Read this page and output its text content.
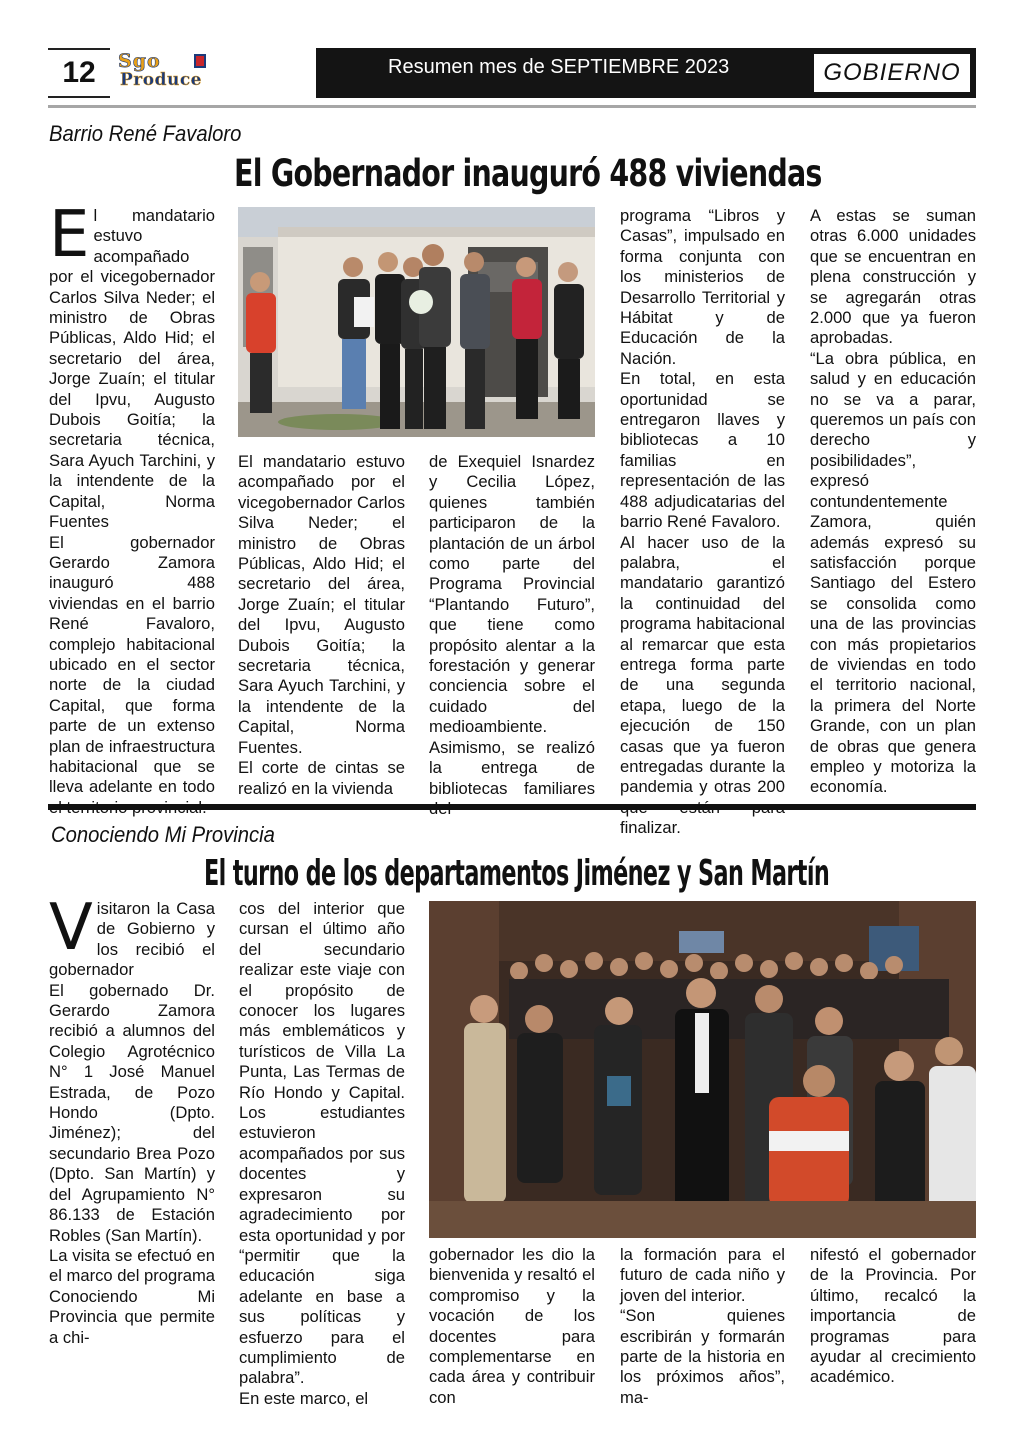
12 Sgo
Produce
Resumen mes de SEPTIEMBRE 2023	GOBIERNO
Barrio René Favaloro
El Gobernador inauguró 488 viviendas
E l mandatario estuvo acompañado por el vicegobernador Carlos Silva Neder; el ministro de Obras Públicas, Aldo Hid; el secretario del área, Jorge Zuaín; el titular del Ipvu, Augusto Dubois Goitía; la secretaria técnica, Sara Ayuch Tarchini, y la intendente de la Capital, Norma Fuentes

El gobernador Gerardo Zamora inauguró 488 viviendas en el barrio René Favaloro, complejo habitacional ubicado en el sector norte de la ciudad Capital, que forma parte de un extenso plan de infraestructura habitacional que se lleva adelante en todo

El mandatario estuvo acompañado por el vicegobernador Carlos Silva Neder; el ministro de Obras Públicas, Aldo Hid; el secretario del área, Jorge Zuaín; el titular del Ipvu, Augusto Dubois Goitía; la secretaria técnica, Sara Ayuch Tarchini, y la intendente de la Capital, Norma Fuentes.

El corte de cintas se realizó en la vivienda

de Exequiel Isnardez y Cecilia López, quienes también participaron de la plantación de un árbol como parte del Programa Provincial “Plantando Futuro”, que tiene como propósito alentar a la forestación y generar conciencia sobre el cuidado del medioambiente.

Asimismo, se realizó la entrega de bibliotecas familiares

programa “Libros y Casas”, impulsado en forma conjunta con los ministerios de Desarrollo Territorial y Hábitat y de Educación de la Nación.

En total, en esta oportunidad se entregaron llaves y bibliotecas a 10 familias en representación de las 488 adjudicatarias del barrio René Favaloro.

Al hacer uso de la palabra, el mandatario garantizó la continuidad del programa habitacional al remarcar que esta entrega forma parte de una segunda etapa, luego de la ejecución de 150 casas que ya fueron entregadas durante la pandemia y otras 200 finalizar.

A estas se suman otras 6.000 unidades que se encuentran en plena construcción y se agregarán otras 2.000 que ya fueron aprobadas.

“La obra pública, en salud y en educación no se va a parar, queremos un país con derecho y posibilidades”, expresó contundentemente Zamora, quién además expresó su satisfacción porque Santiago del Estero se consolida como una de las provincias con más propietarios de viviendas en todo el territorio nacional, la primera del Norte Grande, con un plan de obras que genera empleo y motoriza la economía.

Conociendo Mi Provincia
El turno de los departamentos Jiménez y San Martín
V isitaron la Casa de Gobierno y los recibió el gobernador

El gobernado Dr. Gerardo Zamora recibió a alumnos del Colegio Agrotécnico N° 1 José Manuel Estrada, de Pozo Hondo (Dpto. Jiménez); del secundario Brea Pozo (Dpto. San Martín) y del Agrupamiento N° 86.133 de Estación Robles (San Martín).

La visita se efectuó en el marco del programa Conociendo Mi Provincia que permite a chi-

cos del interior que cursan el último año del secundario realizar este viaje con el propósito de conocer los lugares más emblemáticos y turísticos de Villa La Punta, Las Termas de Río Hondo y Capital. Los estudiantes estuvieron acompañados por sus docentes y expresaron su agradecimiento por esta oportunidad y por “permitir que la educación siga adelante en base a sus políticas y esfuerzo para el cumplimiento de palabra”.

En este marco, el

gobernador les dio la bienvenida y resaltó el compromiso y la vocación de los docentes para complementarse en cada área y contribuir con

la formación para el futuro de cada niño y joven del interior.

“Son quienes escribirán y formarán parte de la historia en los próximos años”, ma-

nifestó el gobernador de la Provincia. Por último, recalcó la importancia de programas para ayudar al crecimiento académico.
